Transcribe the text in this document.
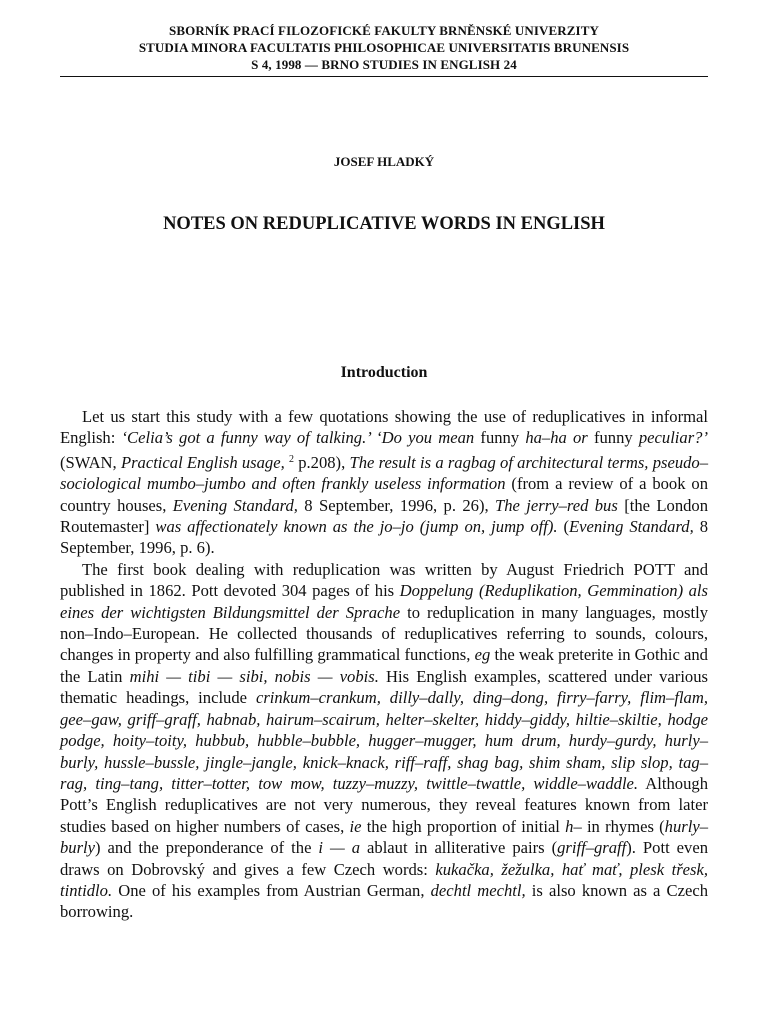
SBORNÍK PRACÍ FILOZOFICKÉ FAKULTY BRNĚNSKÉ UNIVERZITY
STUDIA MINORA FACULTATIS PHILOSOPHICAE UNIVERSITATIS BRUNENSIS
S 4, 1998 — BRNO STUDIES IN ENGLISH 24
JOSEF HLADKÝ
NOTES ON REDUPLICATIVE WORDS IN ENGLISH
Introduction

Let us start this study with a few quotations showing the use of reduplicatives in informal English: ‘Celia’s got a funny way of talking.’ ‘Do you mean funny ha–ha or funny peculiar?’ (SWAN, Practical English usage, $^2$ p.208), The result is a ragbag of architectural terms, pseudo–sociological mumbo–jumbo and often frankly useless information (from a review of a book on country houses, Evening Standard, 8 September, 1996, p. 26), The jerry–red bus [the London Routemaster] was affectionately known as the jo–jo (jump on, jump off). (Evening Standard, 8 September, 1996, p. 6).

The first book dealing with reduplication was written by August Friedrich POTT and published in 1862. Pott devoted 304 pages of his Doppelung (Reduplikation, Gemmination) als eines der wichtigsten Bildungsmittel der Sprache to reduplication in many languages, mostly non–Indo–European. He collected thousands of reduplicatives referring to sounds, colours, changes in property and also fulfilling grammatical functions, eg the weak preterite in Gothic and the Latin mihi — tibi — sibi, nobis — vobis. His English examples, scattered under various thematic headings, include crinkum–crankum, dilly–dally, ding–dong, firry–farry, flim–flam, gee–gaw, griff–graff, habnab, hairum–scairum, helter–skelter, hiddy–giddy, hiltie–skiltie, hodge podge, hoity–toity, hubbub, hubble–bubble, hugger–mugger, hum drum, hurdy–gurdy, hurly–burly, hussle–bussle, jingle–jangle, knick–knack, riff–raff, shag bag, shim sham, slip slop, tag–rag, ting–tang, titter–totter, tow mow, tuzzy–muzzy, twittle–twattle, widdle–waddle. Although Pott’s English reduplicatives are not very numerous, they reveal features known from later studies based on higher numbers of cases, ie the high proportion of initial h– in rhymes (hurly–burly) and the preponderance of the i — a ablaut in alliterative pairs (griff–graff). Pott even draws on Dobrovský and gives a few Czech words: kukačka, žežulka, hať mať, plesk třesk, tintidlo. One of his examples from Austrian German, dechtl mechtl, is also known as a Czech borrowing.
